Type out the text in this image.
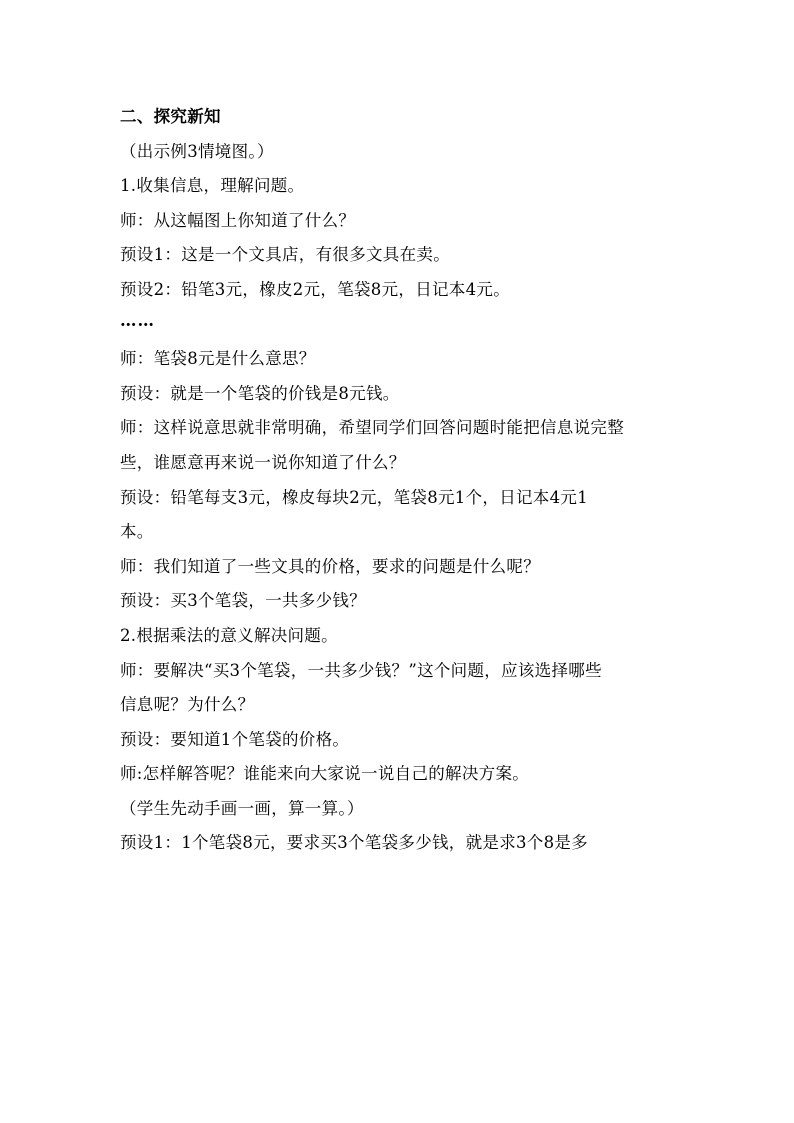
二、探究新知
（出示例3情境图。）
1.收集信息，理解问题。
师：从这幅图上你知道了什么？
预设1：这是一个文具店，有很多文具在卖。
预设2：铅笔3元，橡皮2元，笔袋8元，日记本4元。
……
师：笔袋8元是什么意思？
预设：就是一个笔袋的价钱是8元钱。
师：这样说意思就非常明确，希望同学们回答问题时能把信息说完整
些，谁愿意再来说一说你知道了什么？
预设：铅笔每支3元，橡皮每块2元，笔袋8元1个，日记本4元1
本。
师：我们知道了一些文具的价格，要求的问题是什么呢？
预设：买3个笔袋，一共多少钱？
2.根据乘法的意义解决问题。
师：要解决“买3个笔袋，一共多少钱？”这个问题，应该选择哪些
信息呢？为什么？
预设：要知道1个笔袋的价格。
师:怎样解答呢？谁能来向大家说一说自己的解决方案。
（学生先动手画一画，算一算。）
预设1：1个笔袋8元，要求买3个笔袋多少钱，就是求3个8是多
